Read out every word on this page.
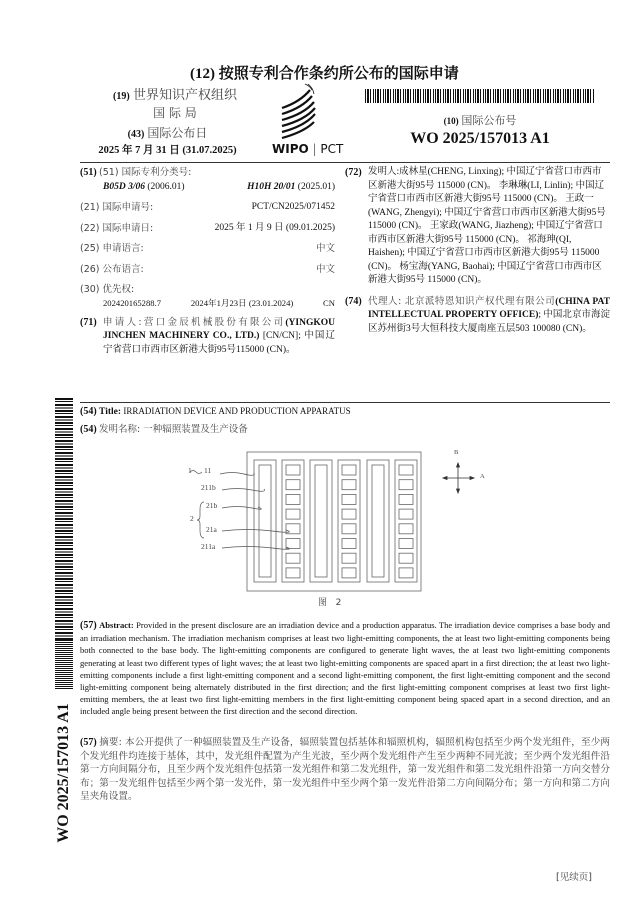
(12) 按照专利合作条约所公布的国际申请
(19) 世界知识产权组织
国 际 局
(43) 国际公布日
2025 年 7 月 31 日 (31.07.2025)	WIPO | PCT
(10) 国际公布号
WO 2025/157013 A1
(51) (51) 国际专利分类号:
B05D 3/06 (2006.01)	H10H 20/01 (2025.01)
(21) 国际申请号:	PCT/CN2025/071452
(22) 国际申请日:	2025 年 1 月 9 日 (09.01.2025)
(25) 申请语言:	中文
(26) 公布语言:	中文
(30) 优先权:
202420165288.7	2024年1月23日 (23.01.2024)	CN
(71) 申请人:营口金辰机械股份有限公司(YINGKOU JINCHEN MACHINERY CO., LTD.) [CN/CN]; 中国辽宁省营口市西市区新港大街95号115000 (CN)。
(72) 发明人:成林星(CHENG, Linxing); 中国辽宁省营口市西市区新港大街95号 115000 (CN)。 李琳琳(LI, Linlin); 中国辽宁省营口市西市区新港大街95号 115000 (CN)。 王政一(WANG, Zhengyi); 中国辽宁省营口市西市区新港大街95号 115000 (CN)。 王家政(WANG, Jiazheng); 中国辽宁省营口市西市区新港大街95号 115000 (CN)。 祁海珅(QI, Haishen); 中国辽宁省营口市西市区新港大街95号 115000 (CN)。 杨宝海(YANG, Baohai); 中国辽宁省营口市西市区新港大街95号 115000 (CN)。
(74) 代理人: 北京派特恩知识产权代理有限公司(CHINA PAT INTELLECTUAL PROPERTY OFFICE); 中国北京市海淀区苏州街3号大恒科技大厦南座五层503 100080 (CN)。
WO 2025/157013 A1
(54) Title: IRRADIATION DEVICE AND PRODUCTION APPARATUS
(54) 发明名称: 一种辐照装置及生产设备
1 11
211b
21b
2
21a
211a
B
A
图   2
(57) Abstract: Provided in the present disclosure are an irradiation device and a production apparatus. The irradiation device comprises a base body and an irradiation mechanism. The irradiation mechanism comprises at least two light-emitting components, the at least two light-emitting components being both connected to the base body. The light-emitting components are configured to generate light waves, the at least two light-emitting components generating at least two different types of light waves; the at least two light-emitting components are spaced apart in a first direction; the at least two light-emitting components include a first light-emitting component and a second light-emitting component, the first light-emitting component and the second light-emitting component being alternately distributed in the first direction; and the first light-emitting component comprises at least two first light-emitting members, the at least two first light-emitting members in the first light-emitting component being spaced apart in a second direction, and an included angle being present between the first direction and the second direction.
(57) 摘要: 本公开提供了一种辐照装置及生产设备，辐照装置包括基体和辐照机构，辐照机构包括至少两个发光组件，至少两个发光组件均连接于基体，其中，发光组件配置为产生光波，至少两个发光组件产生至少两种不同光波；至少两个发光组件沿第一方向间隔分布，且至少两个发光组件包括第一发光组件和第二发光组件，第一发光组件和第二发光组件沿第一方向交替分布；第一发光组件包括至少两个第一发光件，第一发光组件中至少两个第一发光件沿第二方向间隔分布；第一方向和第二方向呈夹角设置。
[见续页]
